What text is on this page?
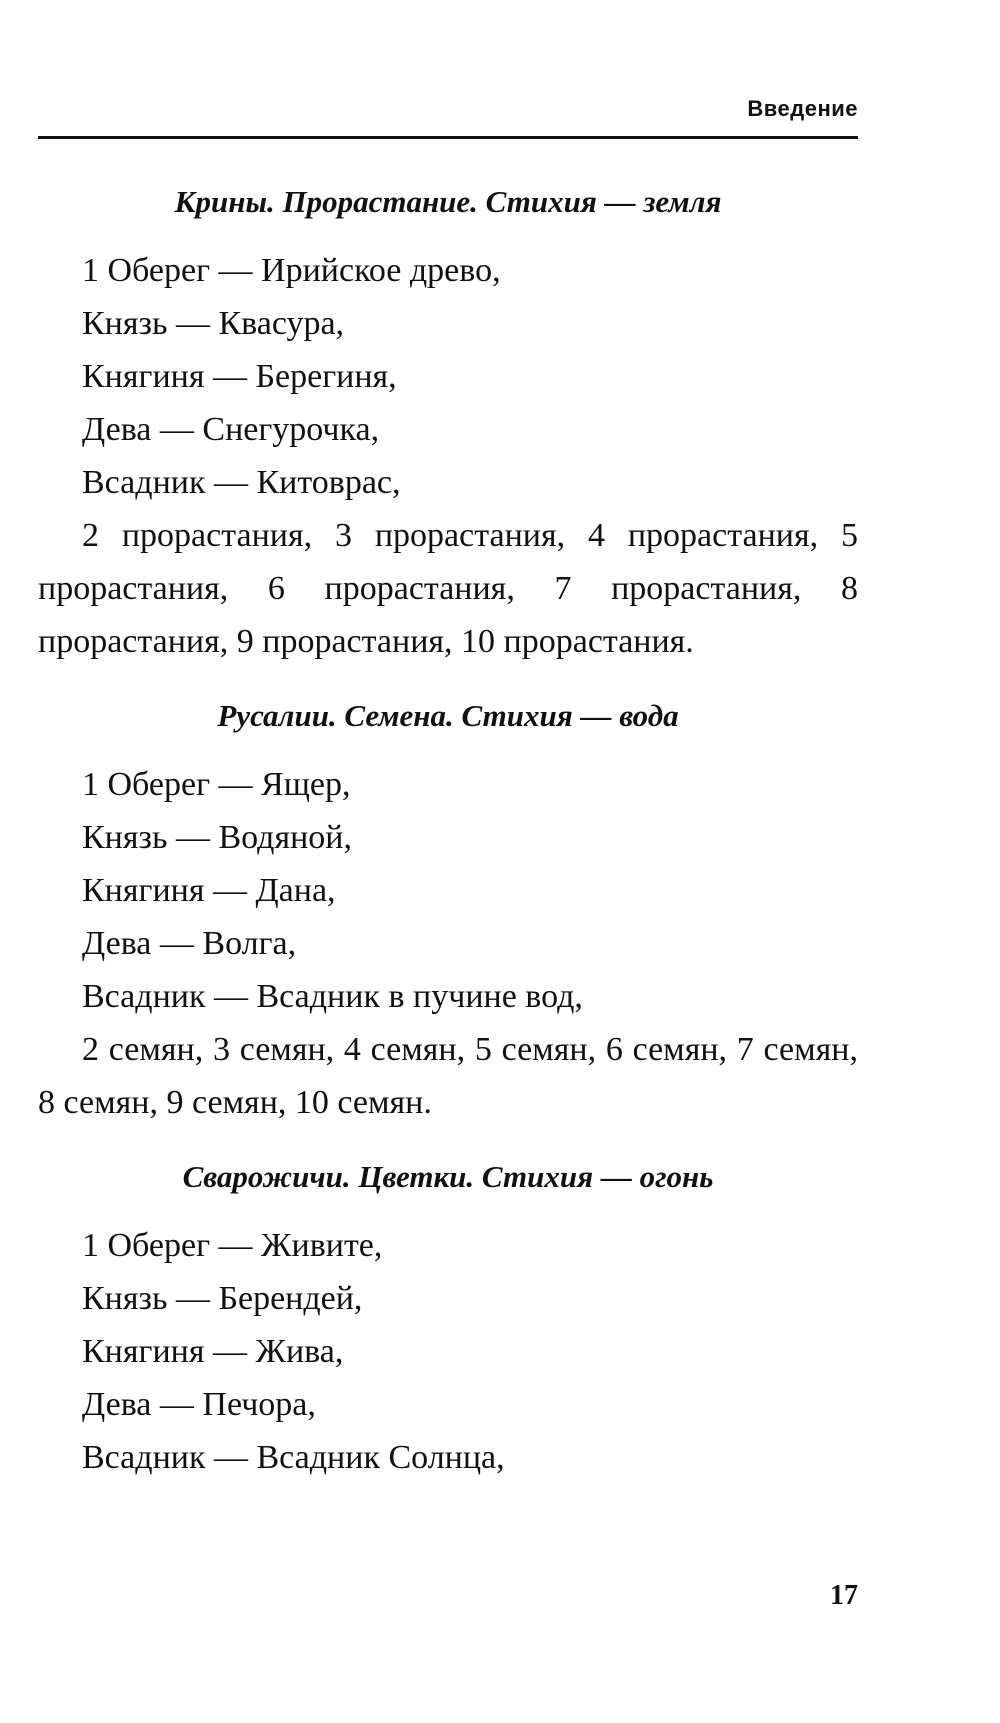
Введение

Крины. Прорастание. Стихия — земля

1 Оберег — Ирийское древо,

Князь — Квасура,

Княгиня — Берегиня,

Дева — Снегурочка,

Всадник — Китоврас,

2 прорастания, 3 прорастания, 4 прорастания, 5 прорастания, 6 прорастания, 7 прорастания, 8 прорастания, 9 прорастания, 10 прорастания.

Русалии. Семена. Стихия — вода

1 Оберег — Ящер,

Князь — Водяной,

Княгиня — Дана,

Дева — Волга,

Всадник — Всадник в пучине вод,

2 семян, 3 семян, 4 семян, 5 семян, 6 семян, 7 семян, 8 семян, 9 семян, 10 семян.

Сварожичи. Цветки. Стихия — огонь

1 Оберег — Живите,

Князь — Берендей,

Княгиня — Жива,

Дева — Печора,

Всадник — Всадник Солнца,

17
